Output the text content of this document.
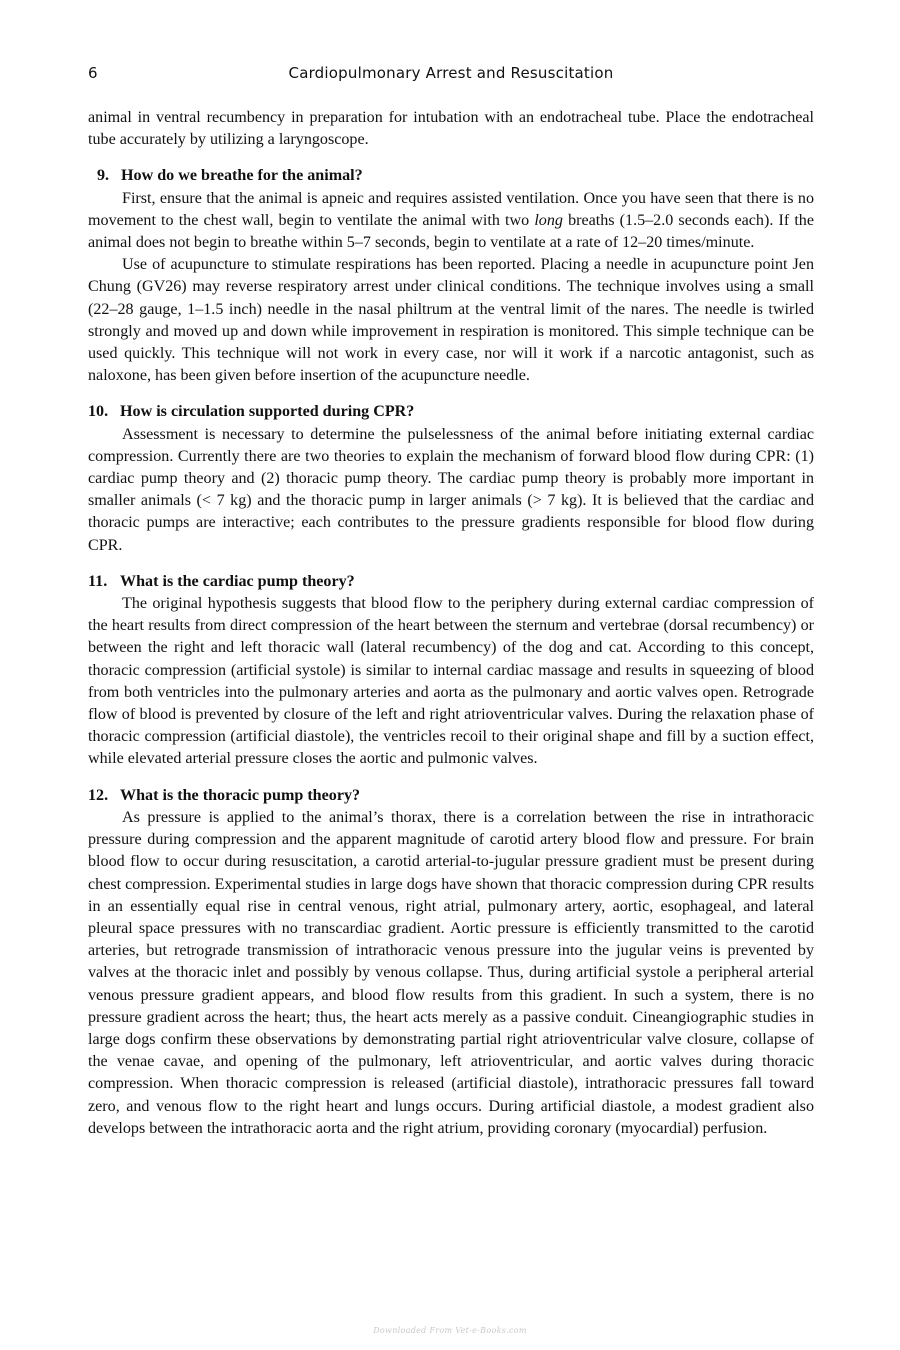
6	Cardiopulmonary Arrest and Resuscitation

animal in ventral recumbency in preparation for intubation with an endotracheal tube. Place the endotracheal tube accurately by utilizing a laryngoscope.

9. How do we breathe for the animal?

First, ensure that the animal is apneic and requires assisted ventilation. Once you have seen that there is no movement to the chest wall, begin to ventilate the animal with two long breaths (1.5–2.0 seconds each). If the animal does not begin to breathe within 5–7 seconds, begin to ventilate at a rate of 12–20 times/minute.

Use of acupuncture to stimulate respirations has been reported. Placing a needle in acupuncture point Jen Chung (GV26) may reverse respiratory arrest under clinical conditions. The technique involves using a small (22–28 gauge, 1–1.5 inch) needle in the nasal philtrum at the ventral limit of the nares. The needle is twirled strongly and moved up and down while improvement in respiration is monitored. This simple technique can be used quickly. This technique will not work in every case, nor will it work if a narcotic antagonist, such as naloxone, has been given before insertion of the acupuncture needle.

10. How is circulation supported during CPR?

Assessment is necessary to determine the pulselessness of the animal before initiating external cardiac compression. Currently there are two theories to explain the mechanism of forward blood flow during CPR: (1) cardiac pump theory and (2) thoracic pump theory. The cardiac pump theory is probably more important in smaller animals (< 7 kg) and the thoracic pump in larger animals (> 7 kg). It is believed that the cardiac and thoracic pumps are interactive; each contributes to the pressure gradients responsible for blood flow during CPR.

11. What is the cardiac pump theory?

The original hypothesis suggests that blood flow to the periphery during external cardiac compression of the heart results from direct compression of the heart between the sternum and vertebrae (dorsal recumbency) or between the right and left thoracic wall (lateral recumbency) of the dog and cat. According to this concept, thoracic compression (artificial systole) is similar to internal cardiac massage and results in squeezing of blood from both ventricles into the pulmonary arteries and aorta as the pulmonary and aortic valves open. Retrograde flow of blood is prevented by closure of the left and right atrioventricular valves. During the relaxation phase of thoracic compression (artificial diastole), the ventricles recoil to their original shape and fill by a suction effect, while elevated arterial pressure closes the aortic and pulmonic valves.

12. What is the thoracic pump theory?

As pressure is applied to the animal’s thorax, there is a correlation between the rise in intrathoracic pressure during compression and the apparent magnitude of carotid artery blood flow and pressure. For brain blood flow to occur during resuscitation, a carotid arterial-to-jugular pressure gradient must be present during chest compression. Experimental studies in large dogs have shown that thoracic compression during CPR results in an essentially equal rise in central venous, right atrial, pulmonary artery, aortic, esophageal, and lateral pleural space pressures with no transcardiac gradient. Aortic pressure is efficiently transmitted to the carotid arteries, but retrograde transmission of intrathoracic venous pressure into the jugular veins is prevented by valves at the thoracic inlet and possibly by venous collapse. Thus, during artificial systole a peripheral arterial venous pressure gradient appears, and blood flow results from this gradient. In such a system, there is no pressure gradient across the heart; thus, the heart acts merely as a passive conduit. Cineangiographic studies in large dogs confirm these observations by demonstrating partial right atrioventricular valve closure, collapse of the venae cavae, and opening of the pulmonary, left atrioventricular, and aortic valves during thoracic compression. When thoracic compression is released (artificial diastole), intrathoracic pressures fall toward zero, and venous flow to the right heart and lungs occurs. During artificial diastole, a modest gradient also develops between the intrathoracic aorta and the right atrium, providing coronary (myocardial) perfusion.

Downloaded From Vet-e-Books.com
